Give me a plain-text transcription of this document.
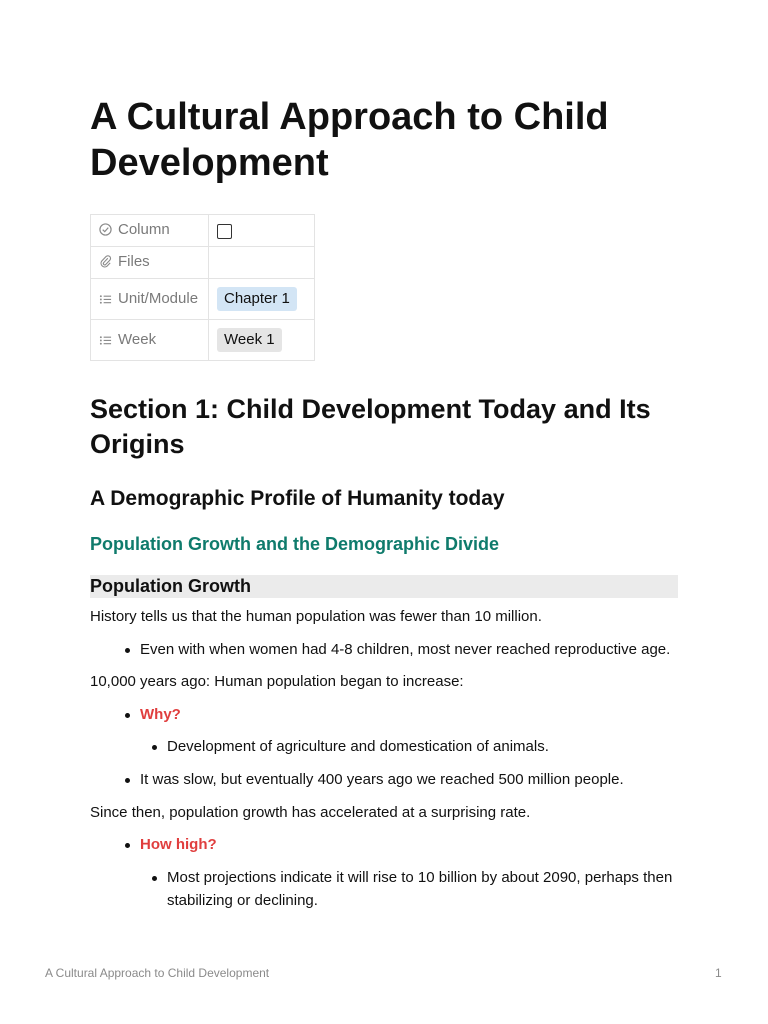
A Cultural Approach to Child Development
Column	
Files	
Unit/Module	Chapter 1
Week	Week 1
Section 1: Child Development Today and Its Origins
A Demographic Profile of Humanity today
Population Growth and the Demographic Divide
Population Growth
History tells us that the human population was fewer than 10 million.
Even with when women had 4-8 children, most never reached reproductive age.
10,000 years ago: Human population began to increase:
Why?
Development of agriculture and domestication of animals.
It was slow, but eventually 400 years ago we reached 500 million people.
Since then, population growth has accelerated at a surprising rate.
How high?
Most projections indicate it will rise to 10 billion by about 2090, perhaps then
stabilizing or declining.
A Cultural Approach to Child Development	1
